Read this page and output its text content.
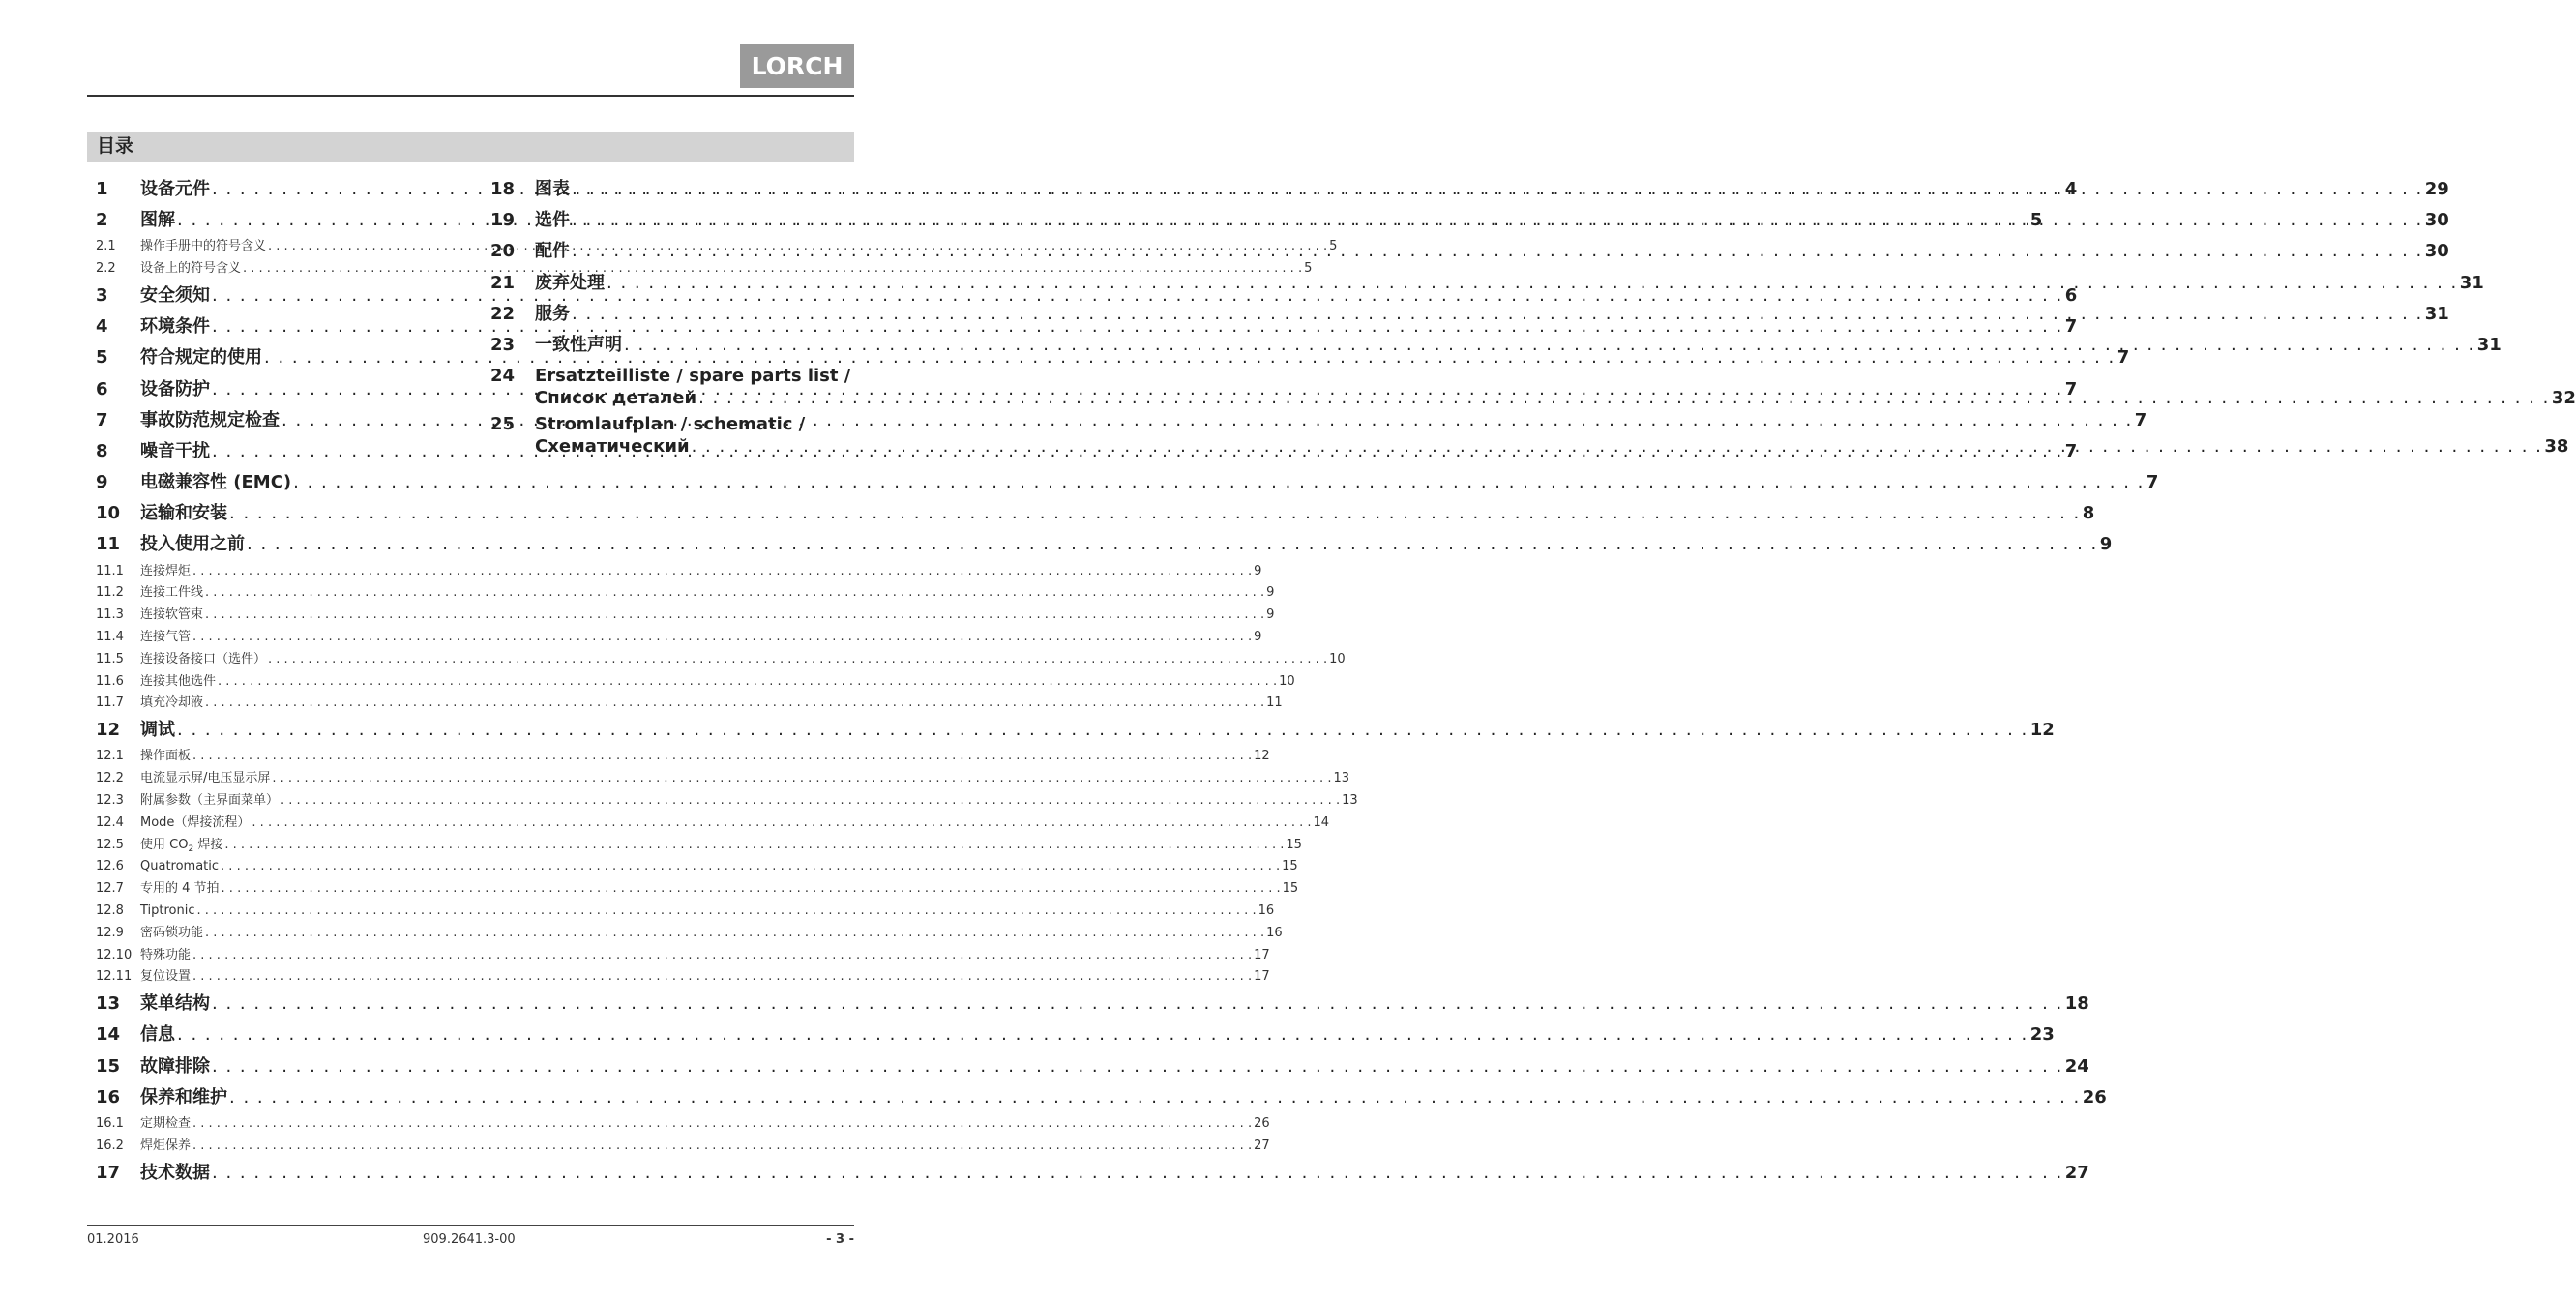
LORCH
目录
1	设备元件 . . .	4
2	图解 . . .	5
2.1	操作手册中的符号含义 . . .	5
2.2	设备上的符号含义 . . .	5
3	安全须知 . . .	6
4	环境条件 . . .	7
5	符合规定的使用 . . .	7
6	设备防护 . . .	7
7	事故防范规定检查 . . .	7
8	噪音干扰 . . .	7
9	电磁兼容性 (EMC) . . .	7
10	运输和安装 . . .	8
11	投入使用之前 . . .	9
11.1	连接焊炬 . . .	9
11.2	连接工件线 . . .	9
11.3	连接软管束 . . .	9
11.4	连接气管 . . .	9
11.5	连接设备接口（选件） . . .	10
11.6	连接其他选件 . . .	10
11.7	填充冷却液 . . .	11
12	调试 . . .	12
12.1	操作面板 . . .	12
12.2	电流显示屏/电压显示屏 . . .	13
12.3	附属参数（主界面菜单） . . .	13
12.4	Mode（焊接流程） . . .	14
12.5	使用 $CO_2$ 焊接 . . .	15
12.6	Quatromatic . . .	15
12.7	专用的 4 节拍 . . .	15
12.8	Tiptronic . . .	16
12.9	密码锁功能 . . .	16
12.10 特殊功能 . . .	17
12.11 复位设置 . . .	17
13	菜单结构 . . .	18
14	信息 . . .	23
15	故障排除 . . .	24
16	保养和维护 . . .	26
16.1	定期检查 . . .	26
16.2	焊炬保养 . . .	27
17	技术数据 . . .	27
18	图表 . . .	29
19	选件 . . .	30
20	配件 . . .	30
21	废弃处理 . . .	31
22	服务 . . .	31
23	一致性声明 . . .	31
24	Ersatzteilliste / spare parts list /
Список деталей . . .	32
25	Stromlaufplan / schematic /
Схематический . . .	38
01.2016	909.2641.3-00	- 3 -
